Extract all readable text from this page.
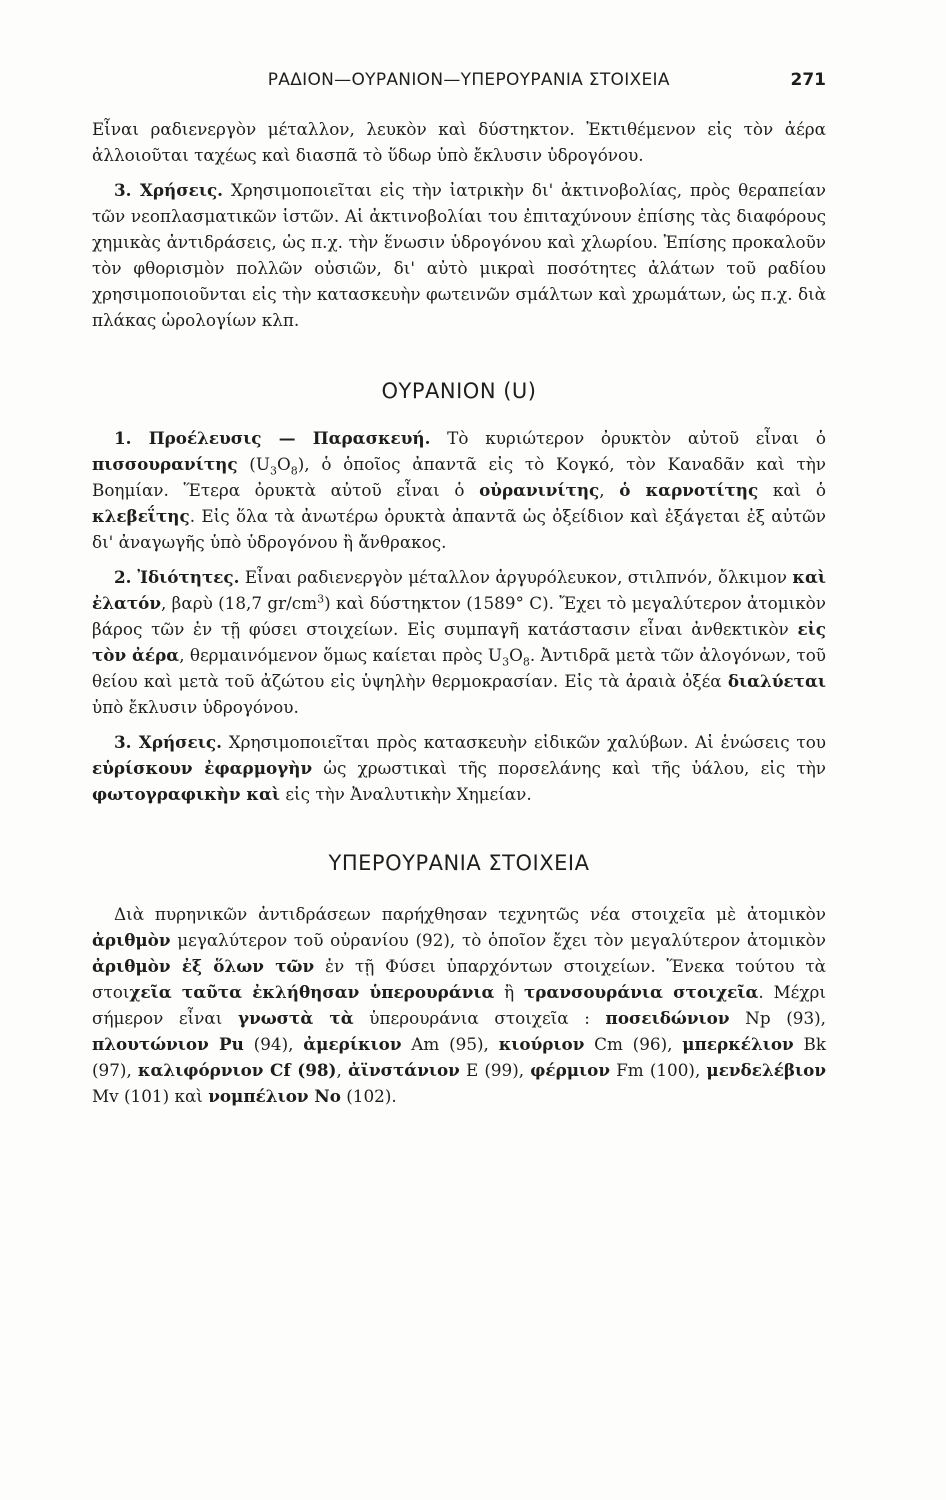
ΡΑΔΙΟΝ—ΟΥΡΑΝΙΟΝ—ΥΠΕΡΟΥΡΑΝΙΑ ΣΤΟΙΧΕΙΑ	271

Εἶναι ραδιενεργὸν μέταλλον, λευκὸν καὶ δύστηκτον. Ἐκτιθέμενον εἰς τὸν ἀέρα ἀλλοιοῦται ταχέως καὶ διασπᾶ τὸ ὕδωρ ὑπὸ ἔκλυσιν ὑδρογόνου.

3. Χρήσεις. Χρησιμοποιεῖται εἰς τὴν ἰατρικὴν δι' ἀκτινοβολίας, πρὸς θεραπείαν τῶν νεοπλασματικῶν ἱστῶν. Αἱ ἀκτινοβολίαι του ἐπιταχύνουν ἐπίσης τὰς διαφόρους χημικὰς ἀντιδράσεις, ὡς π.χ. τὴν ἕνωσιν ὑδρογόνου καὶ χλωρίου. Ἐπίσης προκαλοῦν τὸν φθορισμὸν πολλῶν οὐσιῶν, δι' αὐτὸ μικραὶ ποσότητες ἀλάτων τοῦ ραδίου χρησιμοποιοῦνται εἰς τὴν κατασκευὴν φωτεινῶν σμάλτων καὶ χρωμάτων, ὡς π.χ. διὰ πλάκας ὡρολογίων κλπ.

ΟΥΡΑΝΙΟΝ (U)

1. Προέλευσις — Παρασκευή. Τὸ κυριώτερον ὀρυκτὸν αὐτοῦ εἶναι ὁ πισσουρανίτης $(U_3O_8)$, ὁ ὁποῖος ἀπαντᾶ εἰς τὸ Κογκό, τὸν Καναδᾶν καὶ τὴν Βοημίαν. Ἕτερα ὀρυκτὰ αὐτοῦ εἶναι ὁ οὐρανινίτης, ὁ καρνοτίτης καὶ ὁ κλεβεΐτης. Εἰς ὅλα τὰ ἀνωτέρω ὀρυκτὰ ἀπαντᾶ ὡς ὀξείδιον καὶ ἐξάγεται ἐξ αὐτῶν δι' ἀναγωγῆς ὑπὸ ὑδρογόνου ἢ ἄνθρακος.

2. Ἰδιότητες. Εἶναι ραδιενεργὸν μέταλλον ἀργυρόλευκον, στιλπνόν, ὄλκιμον καὶ ἐλατόν, βαρὺ (18,7 $gr/cm^3$) καὶ δύστηκτον (1589° C). Ἔχει τὸ μεγαλύτερον ἀτομικὸν βάρος τῶν ἐν τῇ φύσει στοιχείων. Εἰς συμπαγῆ κατάστασιν εἶναι ἀνθεκτικὸν εἰς τὸν ἀέρα, θερμαινόμενον ὅμως καίεται πρὸς $U_3O_8$. Ἀντιδρᾶ μετὰ τῶν ἀλογόνων, τοῦ θείου καὶ μετὰ τοῦ ἀζώτου εἰς ὑψηλὴν θερμοκρασίαν. Εἰς τὰ ἀραιὰ ὀξέα διαλύεται ὑπὸ ἔκλυσιν ὑδρογόνου.

3. Χρήσεις. Χρησιμοποιεῖται πρὸς κατασκευὴν εἰδικῶν χαλύβων. Αἱ ἑνώσεις του εὑρίσκουν ἐφαρμογὴν ὡς χρωστικαὶ τῆς πορσελάνης καὶ τῆς ὑάλου, εἰς τὴν φωτογραφικὴν καὶ εἰς τὴν Ἀναλυτικὴν Χημείαν.

ΥΠΕΡΟΥΡΑΝΙΑ ΣΤΟΙΧΕΙΑ

Διὰ πυρηνικῶν ἀντιδράσεων παρήχθησαν τεχνητῶς νέα στοιχεῖα μὲ ἀτομικὸν ἀριθμὸν μεγαλύτερον τοῦ οὐρανίου (92), τὸ ὁποῖον ἔχει τὸν μεγαλύτερον ἀτομικὸν ἀριθμὸν ἐξ ὅλων τῶν ἐν τῇ Φύσει ὑπαρχόντων στοιχείων. Ἕνεκα τούτου τὰ στοιχεῖα ταῦτα ἐκλήθησαν ὑπερουράνια ἢ τρανσουράνια στοιχεῖα. Μέχρι σήμερον εἶναι γνωστὰ τὰ ὑπερουράνια στοιχεῖα : ποσειδώνιον Np (93), πλουτώνιον Pu (94), ἀμερίκιον Am (95), κιούριον Cm (96), μπερκέλιον Bk (97), καλιφόρνιον Cf (98), ἀϊνστάνιον E (99), φέρμιον Fm (100), μενδελέβιον Mv (101) καὶ νομπέλιον No (102).
